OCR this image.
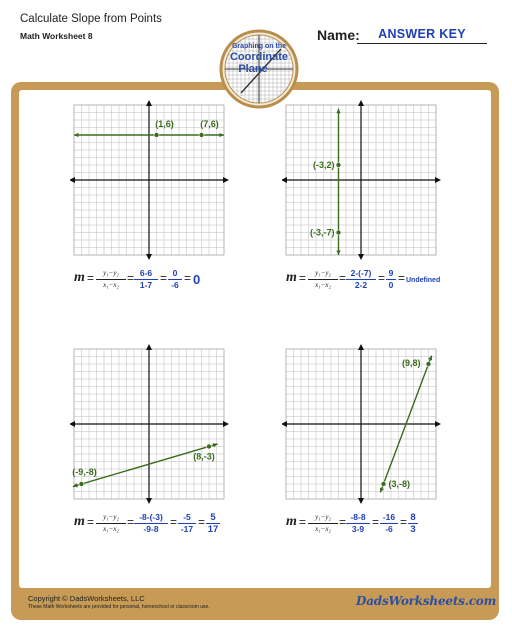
Calculate Slope from Points
Math Worksheet 8	Name:	ANSWER KEY
Graphing on the
Coordinate
Plane
(1,6)	(7,6)
(-3,2)
(-3,-7)
(-9,-8)
(8,-3)
(9,8)
(3,-8)
$m = \frac{\text{y₁−y₂}}{\text{x₁−x₂}} = \frac{6-6}{1-7} = \frac{0}{-6} = 0$	$m = \frac{\text{y₁−y₂}}{\text{x₁−x₂}} = \frac{2-(-7)}{2-2} = \frac{9}{0}$ = Undefined
$m = \frac{\text{y₁−y₂}}{\text{x₁−x₂}} = \frac{-8-(-3)}{-9-8} = \frac{-5}{-17} = \frac{5}{17}$	$m = \frac{\text{y₁−y₂}}{\text{x₁−x₂}} = \frac{-8-8}{3-9} = \frac{-16}{-6} = \frac{8}{3}$
Copyright © DadsWorksheets, LLC
These Math Worksheets are provided for personal, homeschool or classroom use.	DadsWorksheets.com
